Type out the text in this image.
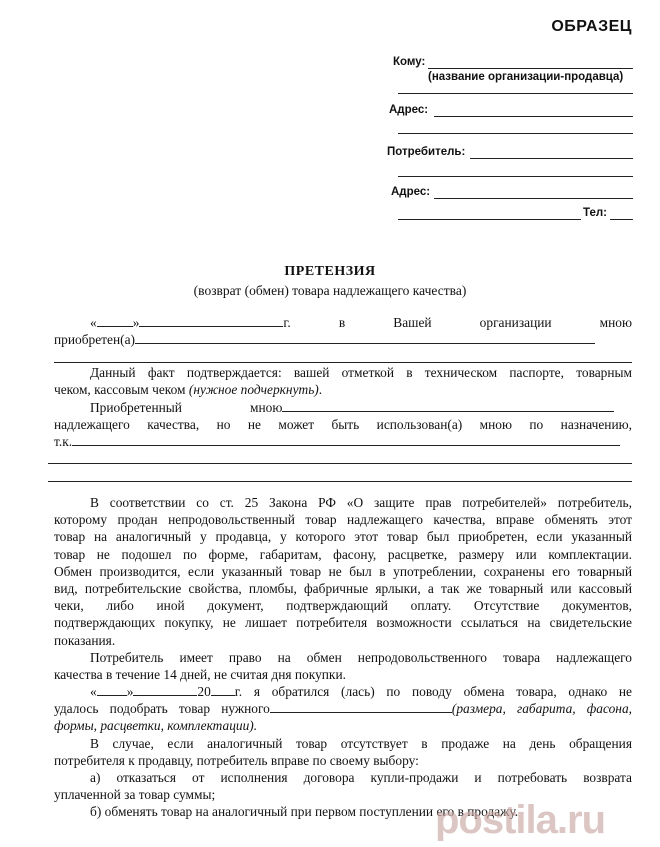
ОБРАЗЕЦ
Кому:
(название организации-продавца)
Адрес:
Потребитель:
Адрес:
Тел:
ПРЕТЕНЗИЯ
(возврат (обмен) товара надлежащего качества)
«	»	г.	в Вашей организации мною
приобретен(а)
Данный факт подтверждается: вашей отметкой в техническом паспорте, товарным
чеком, кассовым чеком (нужное подчеркнуть).
Приобретенный	мною
надлежащего качества, но не может быть использован(а) мною по назначению,
т.к.
В соответствии со ст. 25 Закона РФ «О защите прав потребителей» потребитель,
которому продан непродовольственный товар надлежащего качества, вправе обменять этот
товар на аналогичный у продавца, у которого этот товар был приобретен, если указанный
товар не подошел по форме, габаритам, фасону, расцветке, размеру или комплектации.
Обмен производится, если указанный товар не был в употреблении, сохранены его товарный
вид, потребительские свойства, пломбы, фабричные ярлыки, а так же товарный или кассовый
чеки, либо иной документ, подтверждающий оплату. Отсутствие документов,
подтверждающих покупку, не лишает потребителя возможности ссылаться на свидетельские
показания.
Потребитель имеет право на обмен непродовольственного товара надлежащего
качества в течение 14 дней, не считая дня покупки.
« »	20 г. я обратился (лась) по поводу обмена товара, однако не
удалось подобрать товар нужного	(размера, габарита, фасона,
формы, расцветки, комплектации).
В случае, если аналогичный товар отсутствует в продаже на день обращения
потребителя к продавцу, потребитель вправе по своему выбору:
а) отказаться от исполнения договора купли-продажи и потребовать возврата
уплаченной за товар суммы;
б) обменять товар на аналогичный при первом поступлении его в продажу.
postila.ru
